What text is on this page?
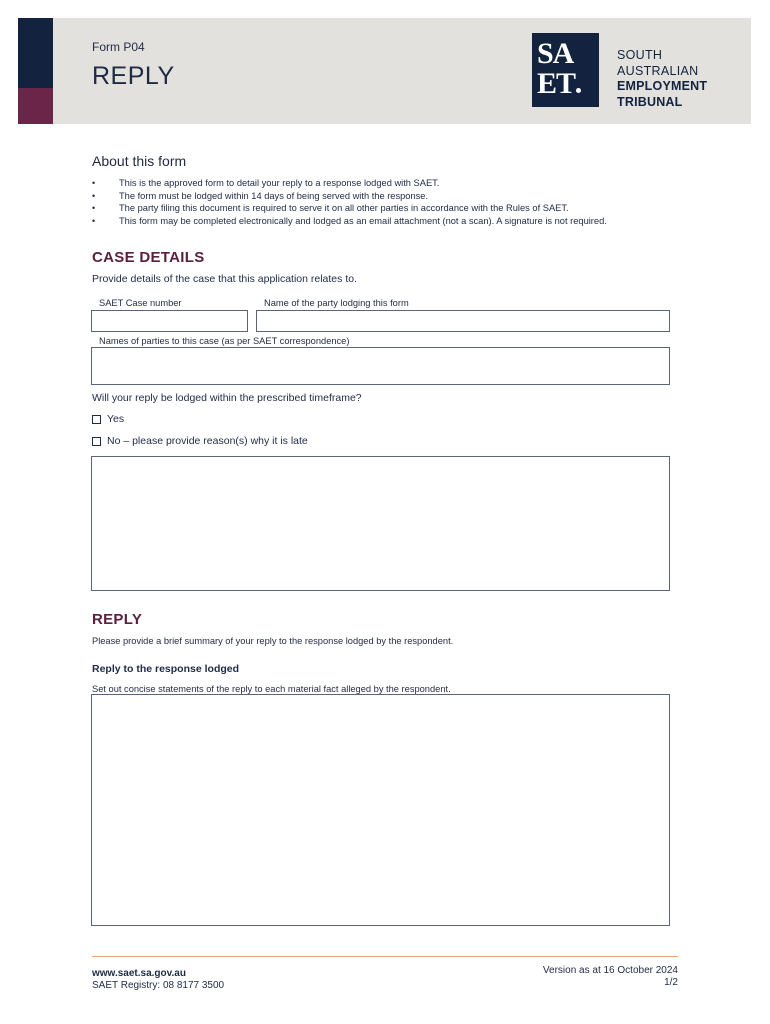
Form P04
REPLY
SA
ET
SOUTH
AUSTRALIAN
EMPLOYMENT
TRIBUNAL
About this form
• This is the approved form to detail your reply to a response lodged with SAET.
• The form must be lodged within 14 days of being served with the response.
• The party filing this document is required to serve it on all other parties in accordance with the Rules of SAET.
• This form may be completed electronically and lodged as an email attachment (not a scan). A signature is not required.
CASE DETAILS
Provide details of the case that this application relates to.
SAET Case number	Name of the party lodging this form
Names of parties to this case (as per SAET correspondence)
Will your reply be lodged within the prescribed timeframe?
Yes
No – please provide reason(s) why it is late
REPLY
Please provide a brief summary of your reply to the response lodged by the respondent.
Reply to the response lodged
Set out concise statements of the reply to each material fact alleged by the respondent.
www.saet.sa.gov.au
SAET Registry: 08 8177 3500
Version as at 16 October 2024
1/2
